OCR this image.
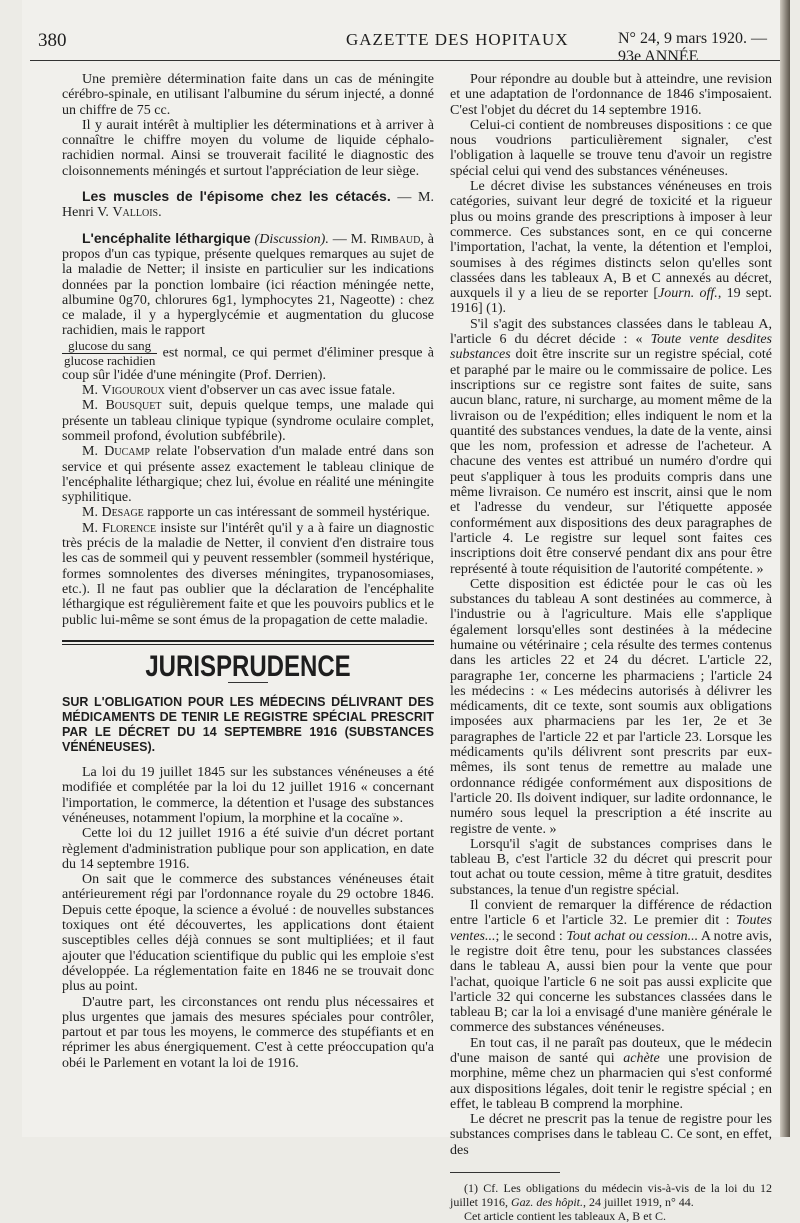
380	GAZETTE DES HOPITAUX	N° 24, 9 mars 1920. — 93e ANNÉE

Une première détermination faite dans un cas de méningite cérébro-spinale, en utilisant l'albumine du sérum injecté, a donné un chiffre de 75 cc.

Il y aurait intérêt à multiplier les déterminations et à arriver à connaître le chiffre moyen du volume de liquide céphalo-rachidien normal. Ainsi se trouverait facilité le diagnostic des cloisonnements méningés et surtout l'appréciation de leur siège.

Les muscles de l'épisome chez les cétacés. — M. Henri V. Vallois.

L'encéphalite léthargique (Discussion). — M. Rimbaud, à propos d'un cas typique, présente quelques remarques au sujet de la maladie de Netter; il insiste en particulier sur les indications données par la ponction lombaire (ici réaction méningée nette, albumine 0g70, chlorures 6g1, lymphocytes 21, Nageotte) : chez ce malade, il y a hyperglycémie et augmentation du glucose rachidien, mais le rapport

$\frac{\text{glucose du sang}}{\text{glucose rachidien}}$ est normal, ce qui permet d'éliminer presque à coup sûr l'idée d'une méningite (Prof. Derrien).

M. Vigouroux vient d'observer un cas avec issue fatale.

M. Bousquet suit, depuis quelque temps, une malade qui présente un tableau clinique typique (syndrome oculaire complet, sommeil profond, évolution subfébrile).

M. Ducamp relate l'observation d'un malade entré dans son service et qui présente assez exactement le tableau clinique de l'encéphalite léthargique; chez lui, évolue en réalité une méningite syphilitique.

M. Desage rapporte un cas intéressant de sommeil hystérique.

M. Florence insiste sur l'intérêt qu'il y a à faire un diagnostic très précis de la maladie de Netter, il convient d'en distraire tous les cas de sommeil qui y peuvent ressembler (sommeil hystérique, formes somnolentes des diverses méningites, trypanosomiases, etc.). Il ne faut pas oublier que la déclaration de l'encéphalite léthargique est régulièrement faite et que les pouvoirs publics et le public lui-même se sont émus de la propagation de cette maladie.

JURISPRUDENCE
SUR L'OBLIGATION POUR LES MÉDECINS DÉLIVRANT DES MÉDICAMENTS DE TENIR LE REGISTRE SPÉCIAL PRESCRIT PAR LE DÉCRET DU 14 SEPTEMBRE 1916 (SUBSTANCES VÉNÉNEUSES).

La loi du 19 juillet 1845 sur les substances vénéneuses a été modifiée et complétée par la loi du 12 juillet 1916 « concernant l'importation, le commerce, la détention et l'usage des substances vénéneuses, notamment l'opium, la morphine et la cocaïne ».

Cette loi du 12 juillet 1916 a été suivie d'un décret portant règlement d'administration publique pour son application, en date du 14 septembre 1916.

On sait que le commerce des substances vénéneuses était antérieurement régi par l'ordonnance royale du 29 octobre 1846. Depuis cette époque, la science a évolué : de nouvelles substances toxiques ont été découvertes, les applications dont étaient susceptibles celles déjà connues se sont multipliées; et il faut ajouter que l'éducation scientifique du public qui les emploie s'est développée. La réglementation faite en 1846 ne se trouvait donc plus au point.

D'autre part, les circonstances ont rendu plus nécessaires et plus urgentes que jamais des mesures spéciales pour contrôler, partout et par tous les moyens, le commerce des stupéfiants et en réprimer les abus énergiquement. C'est à cette préoccupation qu'a obéi le Parlement en votant la loi de 1916.

Pour répondre au double but à atteindre, une revision et une adaptation de l'ordonnance de 1846 s'imposaient. C'est l'objet du décret du 14 septembre 1916.

Celui-ci contient de nombreuses dispositions : ce que nous voudrions particulièrement signaler, c'est l'obligation à laquelle se trouve tenu d'avoir un registre spécial celui qui vend des substances vénéneuses.

Le décret divise les substances vénéneuses en trois catégories, suivant leur degré de toxicité et la rigueur plus ou moins grande des prescriptions à imposer à leur commerce. Ces substances sont, en ce qui concerne l'importation, l'achat, la vente, la détention et l'emploi, soumises à des régimes distincts selon qu'elles sont classées dans les tableaux A, B et C annexés au décret, auxquels il y a lieu de se reporter [Journ. off., 19 sept. 1916] (1).

S'il s'agit des substances classées dans le tableau A, l'article 6 du décret décide : « Toute vente desdites substances doit être inscrite sur un registre spécial, coté et paraphé par le maire ou le commissaire de police. Les inscriptions sur ce registre sont faites de suite, sans aucun blanc, rature, ni surcharge, au moment même de la livraison ou de l'expédition; elles indiquent le nom et la quantité des substances vendues, la date de la vente, ainsi que les nom, profession et adresse de l'acheteur. A chacune des ventes est attribué un numéro d'ordre qui peut s'appliquer à tous les produits compris dans une même livraison. Ce numéro est inscrit, ainsi que le nom et l'adresse du vendeur, sur l'étiquette apposée conformément aux dispositions des deux paragraphes de l'article 4. Le registre sur lequel sont faites ces inscriptions doit être conservé pendant dix ans pour être représenté à toute réquisition de l'autorité compétente. »

Cette disposition est édictée pour le cas où les substances du tableau A sont destinées au commerce, à l'industrie ou à l'agriculture. Mais elle s'applique également lorsqu'elles sont destinées à la médecine humaine ou vétérinaire ; cela résulte des termes contenus dans les articles 22 et 24 du décret. L'article 22, paragraphe 1er, concerne les pharmaciens ; l'article 24 les médecins : « Les médecins autorisés à délivrer les médicaments, dit ce texte, sont soumis aux obligations imposées aux pharmaciens par les 1er, 2e et 3e paragraphes de l'article 22 et par l'article 23. Lorsque les médicaments qu'ils délivrent sont prescrits par eux-mêmes, ils sont tenus de remettre au malade une ordonnance rédigée conformément aux dispositions de l'article 20. Ils doivent indiquer, sur ladite ordonnance, le numéro sous lequel la prescription a été inscrite au registre de vente. »

Lorsqu'il s'agit de substances comprises dans le tableau B, c'est l'article 32 du décret qui prescrit pour tout achat ou toute cession, même à titre gratuit, desdites substances, la tenue d'un registre spécial.

Il convient de remarquer la différence de rédaction entre l'article 6 et l'article 32. Le premier dit : Toutes ventes...; le second : Tout achat ou cession... A notre avis, le registre doit être tenu, pour les substances classées dans le tableau A, aussi bien pour la vente que pour l'achat, quoique l'article 6 ne soit pas aussi explicite que l'article 32 qui concerne les substances classées dans le tableau B; car la loi a envisagé d'une manière générale le commerce des substances vénéneuses.

En tout cas, il ne paraît pas douteux, que le médecin d'une maison de santé qui achète une provision de morphine, même chez un pharmacien qui s'est conformé aux dispositions légales, doit tenir le registre spécial ; en effet, le tableau B comprend la morphine.

Le décret ne prescrit pas la tenue de registre pour les substances comprises dans le tableau C. Ce sont, en effet, des

(1) Cf. Les obligations du médecin vis-à-vis de la loi du 12 juillet 1916, Gaz. des hôpit., 24 juillet 1919, n° 44.

Cet article contient les tableaux A, B et C.
